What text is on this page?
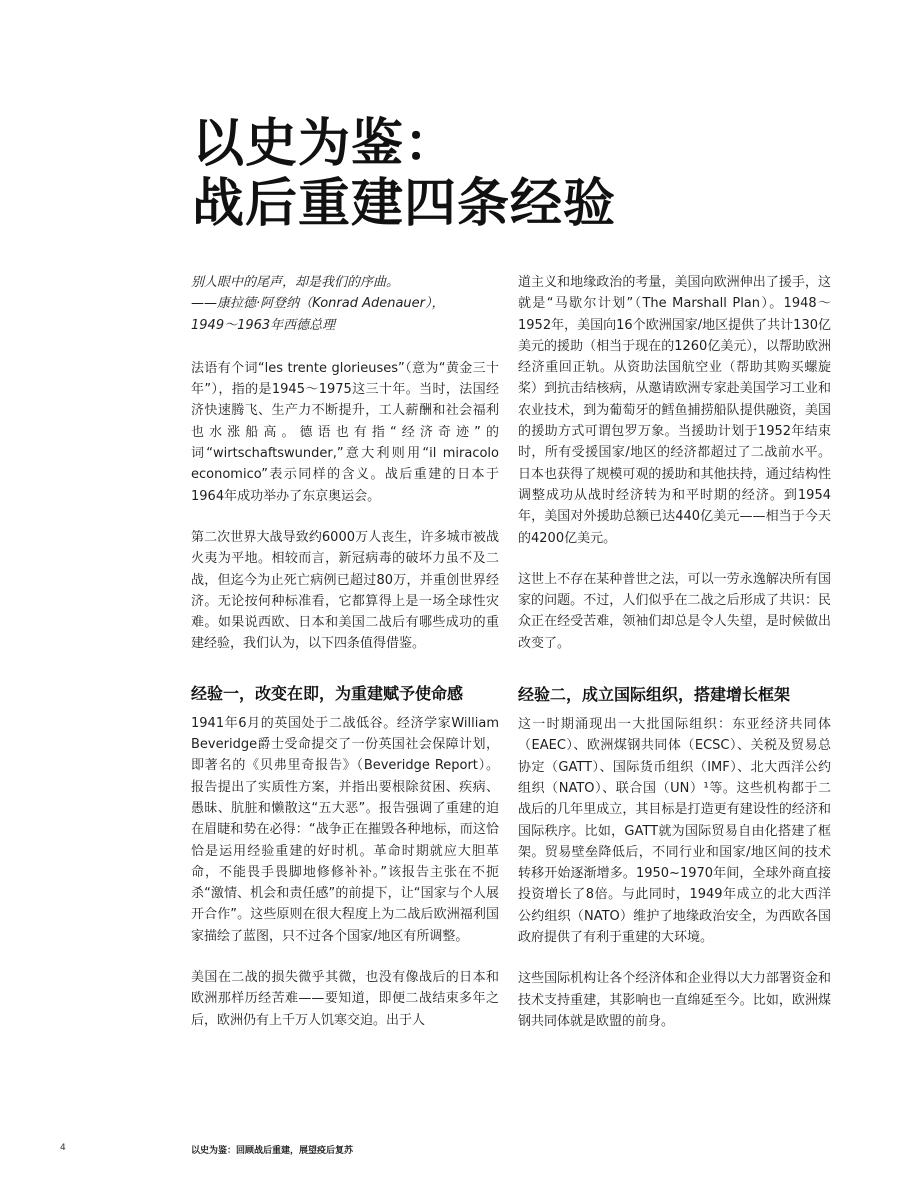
以史为鉴：
战后重建四条经验

别人眼中的尾声，却是我们的序曲。
——康拉德·阿登纳（Konrad Adenauer），
1949～1963年西德总理

法语有个词“les trente glorieuses”（意为“黄金三十年”），指的是1945～1975这三十年。当时，法国经济快速腾飞、生产力不断提升，工人薪酬和社会福利也水涨船高。德语也有指“经济奇迹”的词“wirtschaftswunder,”意大利则用“il miracolo economico”表示同样的含义。战后重建的日本于1964年成功举办了东京奥运会。

第二次世界大战导致约6000万人丧生，许多城市被战火夷为平地。相较而言，新冠病毒的破坏力虽不及二战，但迄今为止死亡病例已超过80万，并重创世界经济。无论按何种标准看，它都算得上是一场全球性灾难。如果说西欧、日本和美国二战后有哪些成功的重建经验，我们认为，以下四条值得借鉴。

经验一，改变在即，为重建赋予使命感

1941年6月的英国处于二战低谷。经济学家William Beveridge爵士受命提交了一份英国社会保障计划，即著名的《贝弗里奇报告》（Beveridge Report）。报告提出了实质性方案，并指出要根除贫困、疾病、愚昧、肮脏和懒散这“五大恶”。报告强调了重建的迫在眉睫和势在必得：“战争正在摧毁各种地标，而这恰恰是运用经验重建的好时机。革命时期就应大胆革命，不能畏手畏脚地修修补补。”该报告主张在不扼杀“激情、机会和责任感”的前提下，让“国家与个人展开合作”。这些原则在很大程度上为二战后欧洲福利国家描绘了蓝图，只不过各个国家/地区有所调整。

美国在二战的损失微乎其微，也没有像战后的日本和欧洲那样历经苦难——要知道，即便二战结束多年之后，欧洲仍有上千万人饥寒交迫。出于人

道主义和地缘政治的考量，美国向欧洲伸出了援手，这就是“马歇尔计划”（The Marshall Plan）。1948～1952年，美国向16个欧洲国家/地区提供了共计130亿美元的援助（相当于现在的1260亿美元），以帮助欧洲经济重回正轨。从资助法国航空业（帮助其购买螺旋桨）到抗击结核病，从邀请欧洲专家赴美国学习工业和农业技术，到为葡萄牙的鳕鱼捕捞船队提供融资，美国的援助方式可谓包罗万象。当援助计划于1952年结束时，所有受援国家/地区的经济都超过了二战前水平。日本也获得了规模可观的援助和其他扶持，通过结构性调整成功从战时经济转为和平时期的经济。到1954年，美国对外援助总额已达440亿美元——相当于今天的4200亿美元。

这世上不存在某种普世之法，可以一劳永逸解决所有国家的问题。不过，人们似乎在二战之后形成了共识：民众正在经受苦难，领袖们却总是令人失望，是时候做出改变了。

经验二，成立国际组织，搭建增长框架

这一时期涌现出一大批国际组织：东亚经济共同体（EAEC）、欧洲煤钢共同体（ECSC）、关税及贸易总协定（GATT）、国际货币组织（IMF）、北大西洋公约组织（NATO）、联合国（UN）¹等。这些机构都于二战后的几年里成立，其目标是打造更有建设性的经济和国际秩序。比如，GATT就为国际贸易自由化搭建了框架。贸易壁垒降低后，不同行业和国家/地区间的技术转移开始逐渐增多。1950~1970年间，全球外商直接投资增长了8倍。与此同时，1949年成立的北大西洋公约组织（NATO）维护了地缘政治安全，为西欧各国政府提供了有利于重建的大环境。

这些国际机构让各个经济体和企业得以大力部署资金和技术支持重建，其影响也一直绵延至今。比如，欧洲煤钢共同体就是欧盟的前身。

4	以史为鉴：回顾战后重建，展望疫后复苏
